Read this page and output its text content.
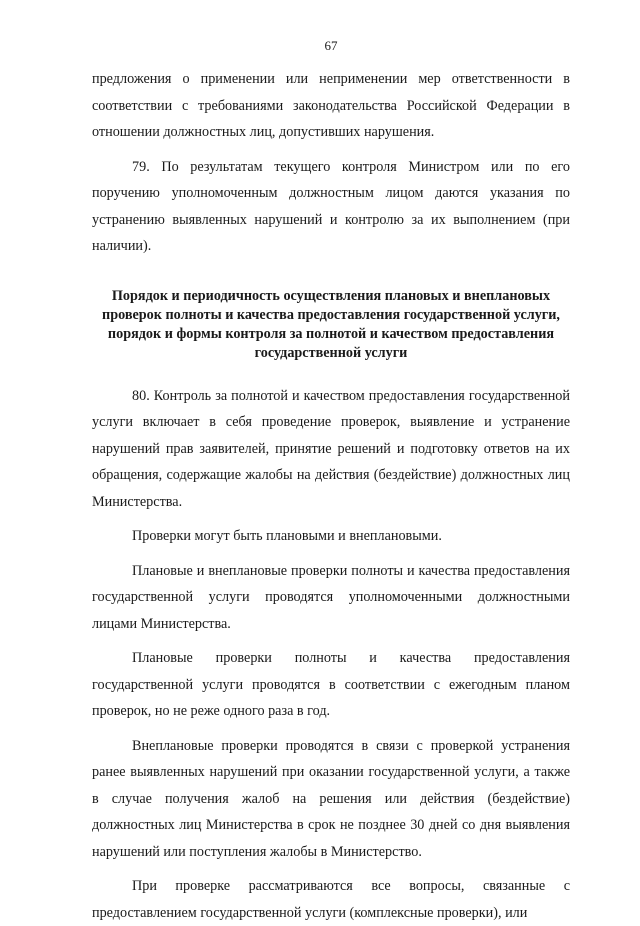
67

предложения о применении или неприменении мер ответственности в соответствии с требованиями законодательства Российской Федерации в отношении должностных лиц, допустивших нарушения.

79. По результатам текущего контроля Министром или по его поручению уполномоченным должностным лицом даются указания по устранению выявленных нарушений и контролю за их выполнением (при наличии).

Порядок и периодичность осуществления плановых и внеплановых проверок полноты и качества предоставления государственной услуги, порядок и формы контроля за полнотой и качеством предоставления государственной услуги

80. Контроль за полнотой и качеством предоставления государственной услуги включает в себя проведение проверок, выявление и устранение нарушений прав заявителей, принятие решений и подготовку ответов на их обращения, содержащие жалобы на действия (бездействие) должностных лиц Министерства.

Проверки могут быть плановыми и внеплановыми.

Плановые и внеплановые проверки полноты и качества предоставления государственной услуги проводятся уполномоченными должностными лицами Министерства.

Плановые проверки полноты и качества предоставления государственной услуги проводятся в соответствии с ежегодным планом проверок, но не реже одного раза в год.

Внеплановые проверки проводятся в связи с проверкой устранения ранее выявленных нарушений при оказании государственной услуги, а также в случае получения жалоб на решения или действия (бездействие) должностных лиц Министерства в срок не позднее 30 дней со дня выявления нарушений или поступления жалобы в Министерство.

При проверке рассматриваются все вопросы, связанные с предоставлением государственной услуги (комплексные проверки), или
